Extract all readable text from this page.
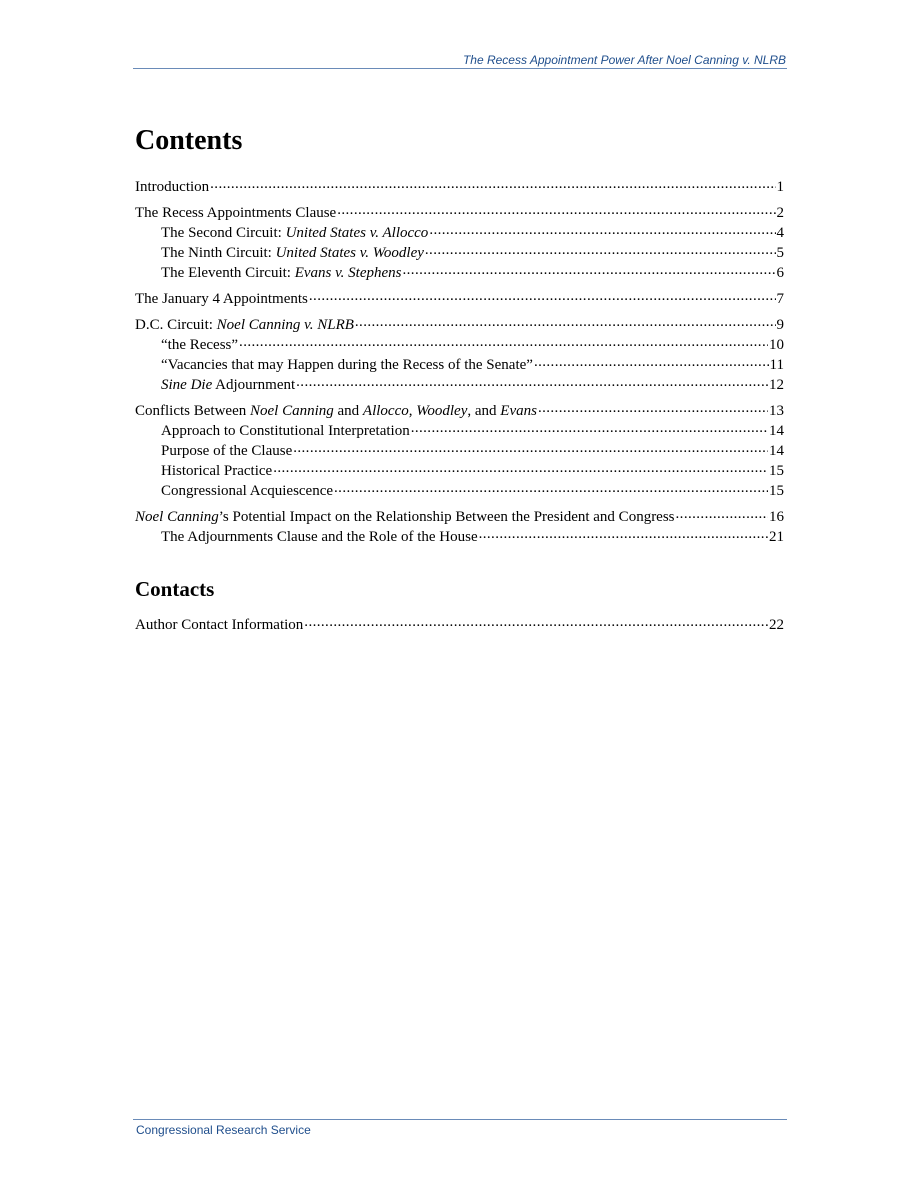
The Recess Appointment Power After Noel Canning v. NLRB
Contents
Introduction .....	1
The Recess Appointments Clause .....	2
The Second Circuit: United States v. Allocco .....	4
The Ninth Circuit: United States v. Woodley .....	5
The Eleventh Circuit: Evans v. Stephens .....	6
The January 4 Appointments .....	7
D.C. Circuit: Noel Canning v. NLRB .....	9
“the Recess” .....	10
“Vacancies that may Happen during the Recess of the Senate” .....	11
Sine Die Adjournment .....	12
Conflicts Between Noel Canning and Allocco, Woodley, and Evans .....	13
Approach to Constitutional Interpretation .....	14
Purpose of the Clause .....	14
Historical Practice .....	15
Congressional Acquiescence .....	15
Noel Canning’s Potential Impact on the Relationship Between the President and Congress .....	16
The Adjournments Clause and the Role of the House .....	21
Contacts
Author Contact Information .....	22
Congressional Research Service
